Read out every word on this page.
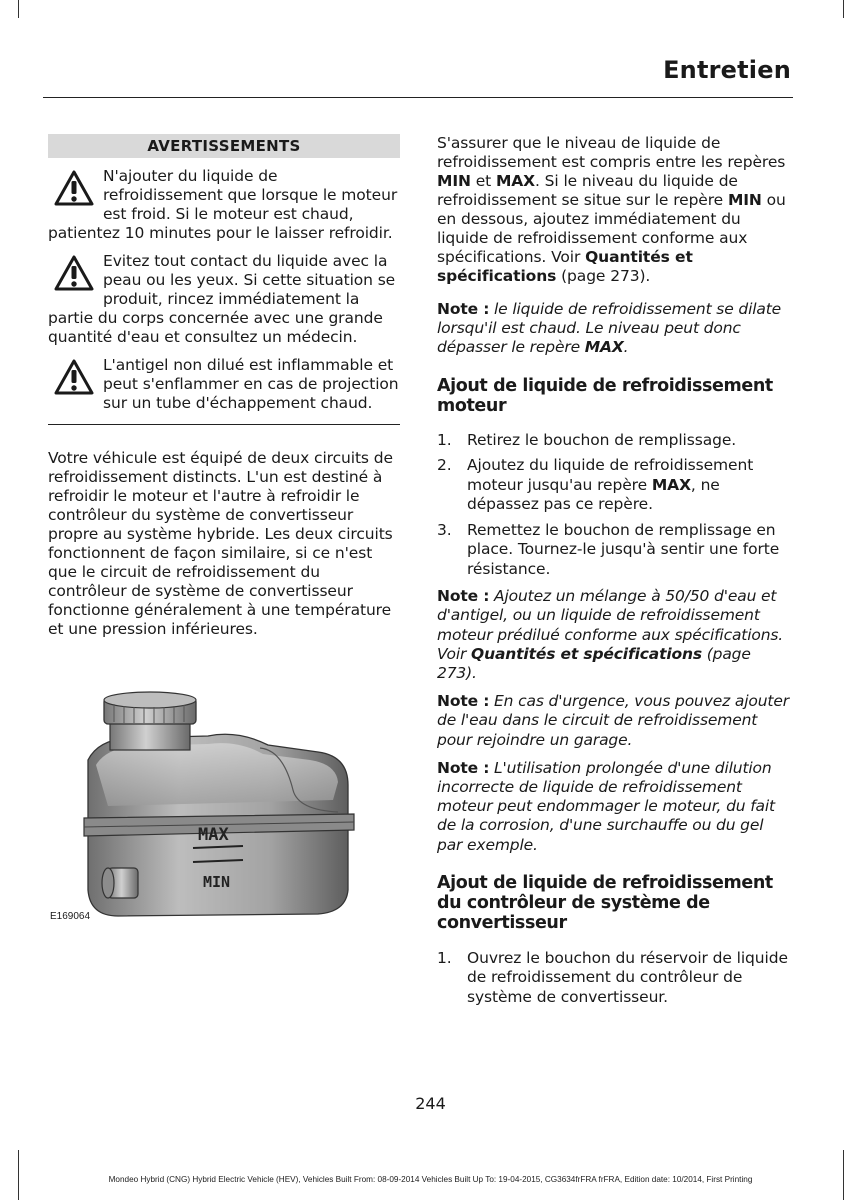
Entretien
AVERTISSEMENTS
N'ajouter du liquide de refroidissement que lorsque le moteur est froid. Si le moteur est chaud, patientez 10 minutes pour le laisser refroidir.
Evitez tout contact du liquide avec la peau ou les yeux. Si cette situation se produit, rincez immédiatement la partie du corps concernée avec une grande quantité d'eau et consultez un médecin.
L'antigel non dilué est inflammable et peut s'enflammer en cas de projection sur un tube d'échappement chaud.

Votre véhicule est équipé de deux circuits de refroidissement distincts. L'un est destiné à refroidir le moteur et l'autre à refroidir le contrôleur du système de convertisseur propre au système hybride. Les deux circuits fonctionnent de façon similaire, si ce n'est que le circuit de refroidissement du contrôleur de système de convertisseur fonctionne généralement à une température et une pression inférieures.

MAX
MIN
E169064

S'assurer que le niveau de liquide de refroidissement est compris entre les repères MIN et MAX. Si le niveau du liquide de refroidissement se situe sur le repère MIN ou en dessous, ajoutez immédiatement du liquide de refroidissement conforme aux spécifications. Voir Quantités et spécifications (page 273).

Note : le liquide de refroidissement se dilate lorsqu'il est chaud. Le niveau peut donc dépasser le repère MAX.

Ajout de liquide de refroidissement moteur
1. Retirez le bouchon de remplissage.
2. Ajoutez du liquide de refroidissement moteur jusqu'au repère MAX, ne dépassez pas ce repère.
3. Remettez le bouchon de remplissage en place. Tournez-le jusqu'à sentir une forte résistance.

Note : Ajoutez un mélange à 50/50 d'eau et d'antigel, ou un liquide de refroidissement moteur prédilué conforme aux spécifications. Voir Quantités et spécifications (page 273).

Note : En cas d'urgence, vous pouvez ajouter de l'eau dans le circuit de refroidissement pour rejoindre un garage.

Note : L'utilisation prolongée d'une dilution incorrecte de liquide de refroidissement moteur peut endommager le moteur, du fait de la corrosion, d'une surchauffe ou du gel par exemple.

Ajout de liquide de refroidissement du contrôleur de système de convertisseur
1. Ouvrez le bouchon du réservoir de liquide de refroidissement du contrôleur de système de convertisseur.
244
Mondeo Hybrid (CNG) Hybrid Electric Vehicle (HEV), Vehicles Built From: 08-09-2014 Vehicles Built Up To: 19-04-2015, CG3634frFRA frFRA, Edition date: 10/2014, First Printing
